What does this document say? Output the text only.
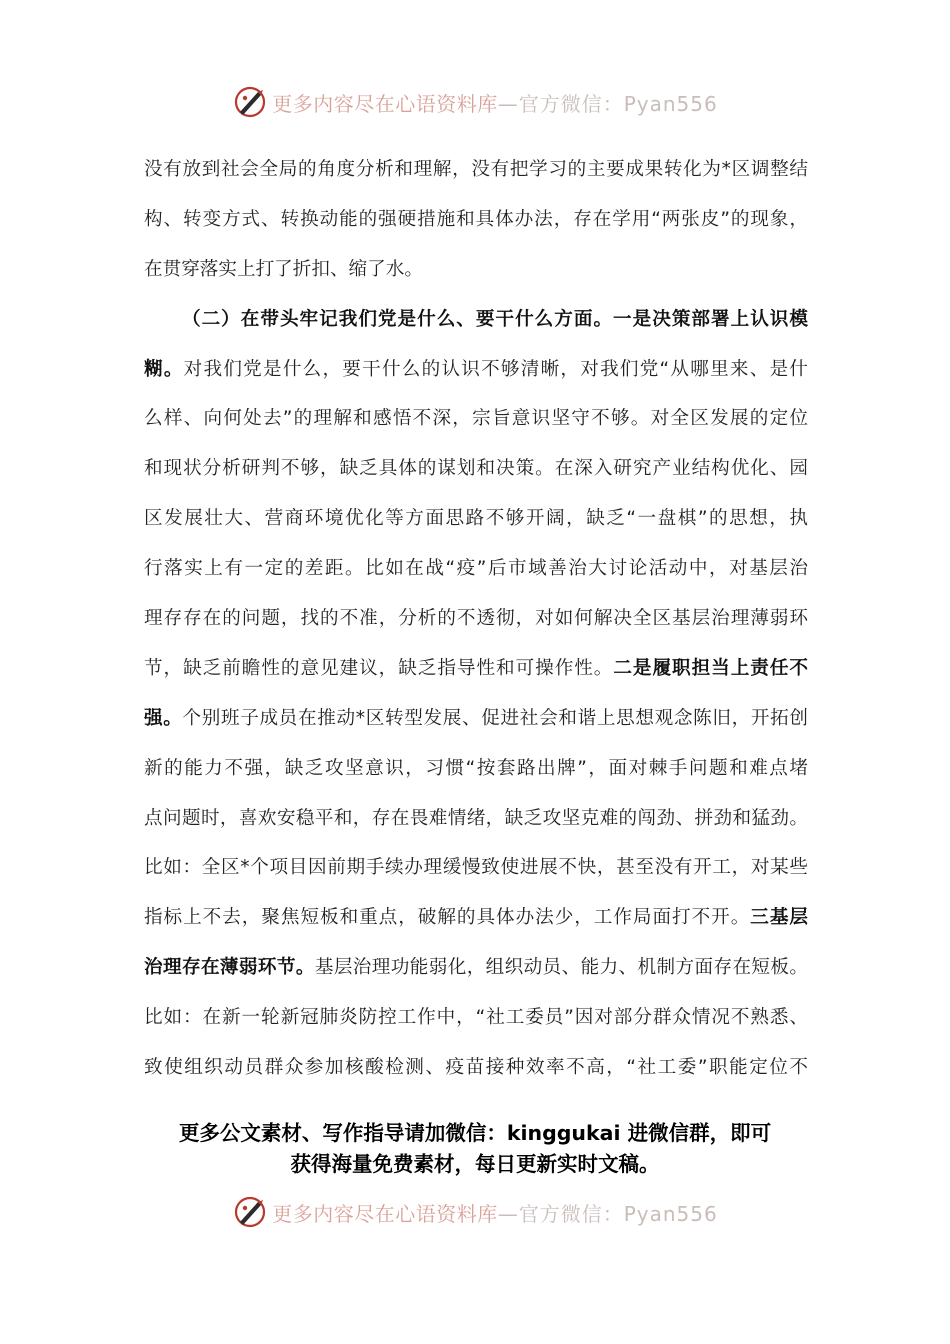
更多内容尽在心语资料库 —官方微信：Pyan556
没有放到社会全局的角度分析和理解，没有把学习的主要成果转化为*区调整结
构、转变方式、转换动能的强硬措施和具体办法，存在学用“两张皮”的现象，
在贯穿落实上打了折扣、缩了水。
（二）在带头牢记我们党是什么、要干什么方面。一是决策部署上认识模
糊。对我们党是什么，要干什么的认识不够清晰，对我们党“从哪里来、是什
么样、向何处去”的理解和感悟不深，宗旨意识坚守不够。对全区发展的定位
和现状分析研判不够，缺乏具体的谋划和决策。在深入研究产业结构优化、园
区发展壮大、营商环境优化等方面思路不够开阔，缺乏“一盘棋”的思想，执
行落实上有一定的差距。比如在战“疫”后市域善治大讨论活动中，对基层治
理存存在的问题，找的不准，分析的不透彻，对如何解决全区基层治理薄弱环
节，缺乏前瞻性的意见建议，缺乏指导性和可操作性。二是履职担当上责任不
强。个别班子成员在推动*区转型发展、促进社会和谐上思想观念陈旧，开拓创
新的能力不强，缺乏攻坚意识，习惯“按套路出牌”，面对棘手问题和难点堵
点问题时，喜欢安稳平和，存在畏难情绪，缺乏攻坚克难的闯劲、拼劲和猛劲。
比如：全区*个项目因前期手续办理缓慢致使进展不快，甚至没有开工，对某些
指标上不去，聚焦短板和重点，破解的具体办法少，工作局面打不开。三基层
治理存在薄弱环节。基层治理功能弱化，组织动员、能力、机制方面存在短板。
比如：在新一轮新冠肺炎防控工作中，“社工委员”因对部分群众情况不熟悉、
致使组织动员群众参加核酸检测、疫苗接种效率不高，“社工委”职能定位不
更多公文素材、写作指导请加微信：kinggukai 进微信群，即可
获得海量免费素材，每日更新实时文稿。
更多内容尽在心语资料库 —官方微信：Pyan556
